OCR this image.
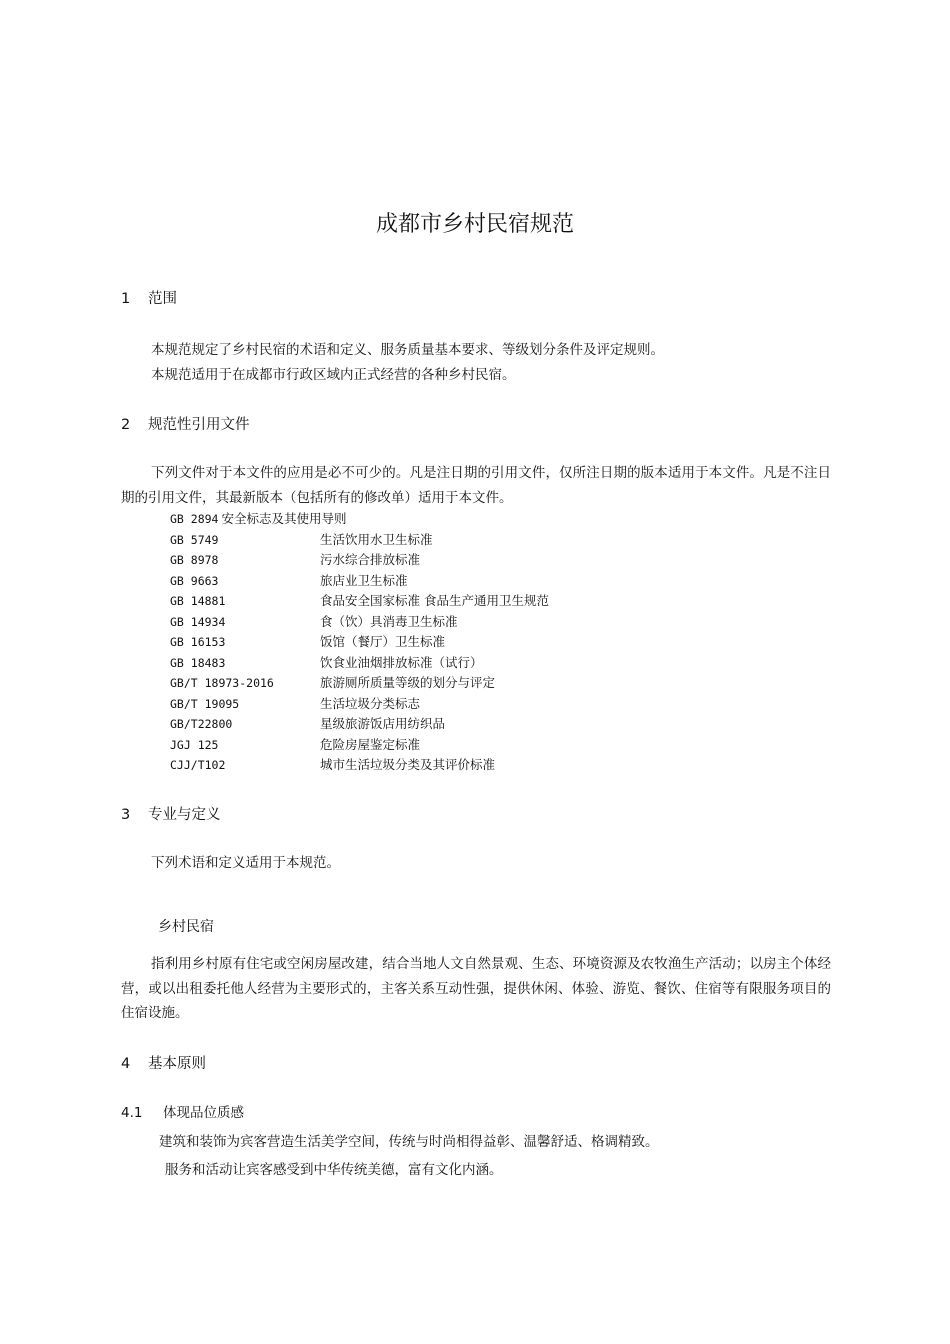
成都市乡村民宿规范
1 范围
本规范规定了乡村民宿的术语和定义、服务质量基本要求、等级划分条件及评定规则。
本规范适用于在成都市行政区域内正式经营的各种乡村民宿。
2 规范性引用文件
下列文件对于本文件的应用是必不可少的。凡是注日期的引用文件，仅所注日期的版本适用于本文件。凡是不注日期的引用文件，其最新版本（包括所有的修改单）适用于本文件。
GB 2894 安全标志及其使用导则
GB 5749	生活饮用水卫生标准
GB 8978	污水综合排放标准
GB 9663	旅店业卫生标准
GB 14881	食品安全国家标准 食品生产通用卫生规范
GB 14934	食（饮）具消毒卫生标准
GB 16153	饭馆（餐厅）卫生标准
GB 18483	饮食业油烟排放标准（试行）
GB/T 18973-2016	旅游厕所质量等级的划分与评定
GB/T 19095	生活垃圾分类标志
GB/T22800	星级旅游饭店用纺织品
JGJ 125	危险房屋鉴定标准
CJJ/T102	城市生活垃圾分类及其评价标准
3 专业与定义
下列术语和定义适用于本规范。
乡村民宿
指利用乡村原有住宅或空闲房屋改建，结合当地人文自然景观、生态、环境资源及农牧渔生产活动；以房主个体经营，或以出租委托他人经营为主要形式的，主客关系互动性强，提供休闲、体验、游览、餐饮、住宿等有限服务项目的住宿设施。
4 基本原则
4.1 体现品位质感
建筑和装饰为宾客营造生活美学空间，传统与时尚相得益彰、温馨舒适、格调精致。
服务和活动让宾客感受到中华传统美德，富有文化内涵。
